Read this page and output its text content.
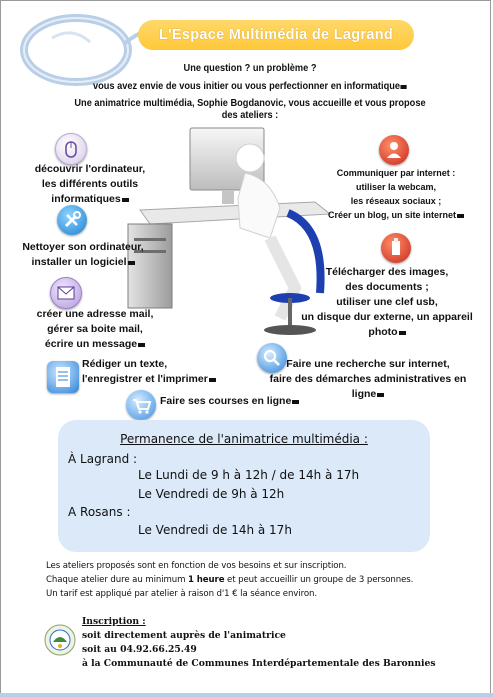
L'Espace Multimédia de Lagrand
Une question ? un problème ?
vous avez envie de vous initier ou vous perfectionner en informatique
Une animatrice multimédia, Sophie Bogdanovic, vous accueille et vous propose des ateliers :
découvrir l'ordinateur,
les différents outils informatiques
Nettoyer son ordinateur,
installer un logiciel
créer une adresse mail,
gérer sa boite mail,
écrire un message
Rédiger un texte,
l'enregistrer et l'imprimer
Faire ses courses en ligne
Communiquer par internet :
utiliser la webcam,
les réseaux sociaux ;
Créer un blog, un site internet
Télécharger des images,
des documents ;
utiliser une clef usb,
un disque dur externe, un appareil photo
Faire une recherche sur internet,
faire des démarches administratives en ligne
Permanence de l'animatrice multimédia :
À Lagrand :
Le Lundi de 9 h à 12h / de 14h à 17h
Le Vendredi de 9h à 12h
A Rosans :
Le Vendredi de 14h à 17h
Les ateliers proposés sont en fonction de vos besoins et sur inscription.
Chaque atelier dure au minimum 1 heure et peut accueillir un groupe de 3 personnes.
Un tarif est appliqué par atelier à raison d'1 € la séance environ.
Inscription :
soit directement auprès de l'animatrice
soit au 04.92.66.25.49
à la Communauté de Communes Interdépartementale des Baronnies
